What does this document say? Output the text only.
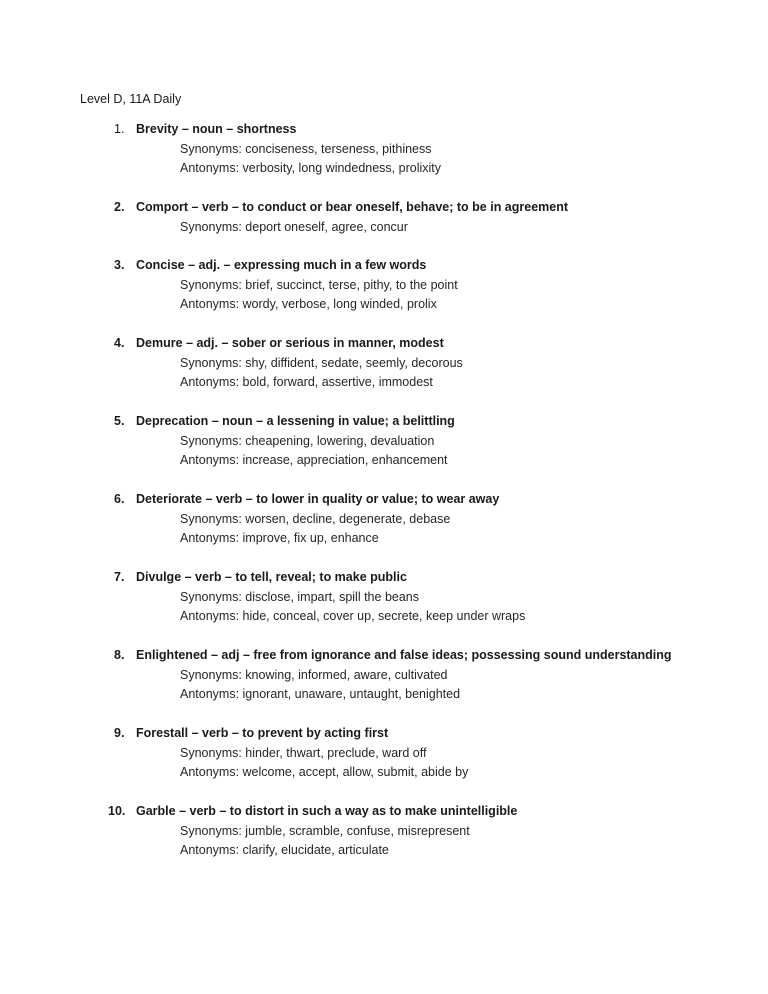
Level D, 11A Daily
1. Brevity – noun – shortness
Synonyms: conciseness, terseness, pithiness
Antonyms: verbosity, long windedness, prolixity
2. Comport – verb – to conduct or bear oneself, behave; to be in agreement
Synonyms: deport oneself, agree, concur
3. Concise – adj. – expressing much in a few words
Synonyms: brief, succinct, terse, pithy, to the point
Antonyms: wordy, verbose, long winded, prolix
4. Demure – adj. – sober or serious in manner, modest
Synonyms: shy, diffident, sedate, seemly, decorous
Antonyms: bold, forward, assertive, immodest
5. Deprecation – noun – a lessening in value; a belittling
Synonyms: cheapening, lowering, devaluation
Antonyms: increase, appreciation, enhancement
6. Deteriorate – verb – to lower in quality or value; to wear away
Synonyms: worsen, decline, degenerate, debase
Antonyms: improve, fix up, enhance
7. Divulge – verb – to tell, reveal; to make public
Synonyms: disclose, impart, spill the beans
Antonyms: hide, conceal, cover up, secrete, keep under wraps
8. Enlightened – adj – free from ignorance and false ideas; possessing sound understanding
Synonyms: knowing, informed, aware, cultivated
Antonyms: ignorant, unaware, untaught, benighted
9. Forestall – verb – to prevent by acting first
Synonyms: hinder, thwart, preclude, ward off
Antonyms: welcome, accept, allow, submit, abide by
10. Garble – verb – to distort in such a way as to make unintelligible
Synonyms: jumble, scramble, confuse, misrepresent
Antonyms: clarify, elucidate, articulate
